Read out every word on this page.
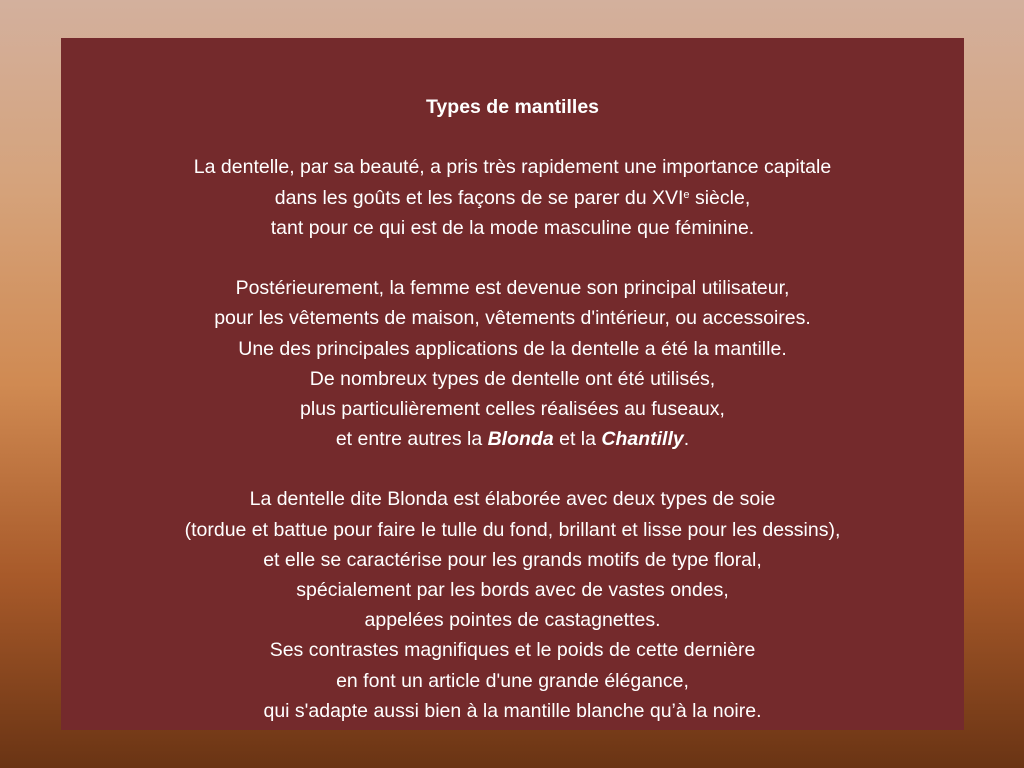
Types de mantilles

La dentelle, par sa beauté, a pris très rapidement une importance capitale
dans les goûts et les façons de se parer du XVIe siècle,
tant pour ce qui est de la mode masculine que féminine.
Postérieurement, la femme est devenue son principal utilisateur,
pour les vêtements de maison, vêtements d'intérieur, ou accessoires.
Une des principales applications de la dentelle a été la mantille.
De nombreux types de dentelle ont été utilisés,
plus particulièrement celles réalisées au fuseaux,
et entre autres la Blonda et la Chantilly.
La dentelle dite Blonda est élaborée avec deux types de soie
(tordue et battue pour faire le tulle du fond, brillant et lisse pour les dessins),
et elle se caractérise pour les grands motifs de type floral,
spécialement par les bords avec de vastes ondes,
appelées pointes de castagnettes.
Ses contrastes magnifiques et le poids de cette dernière
en font un article d'une grande élégance,
qui s'adapte aussi bien à la mantille blanche qu’à la noire.
